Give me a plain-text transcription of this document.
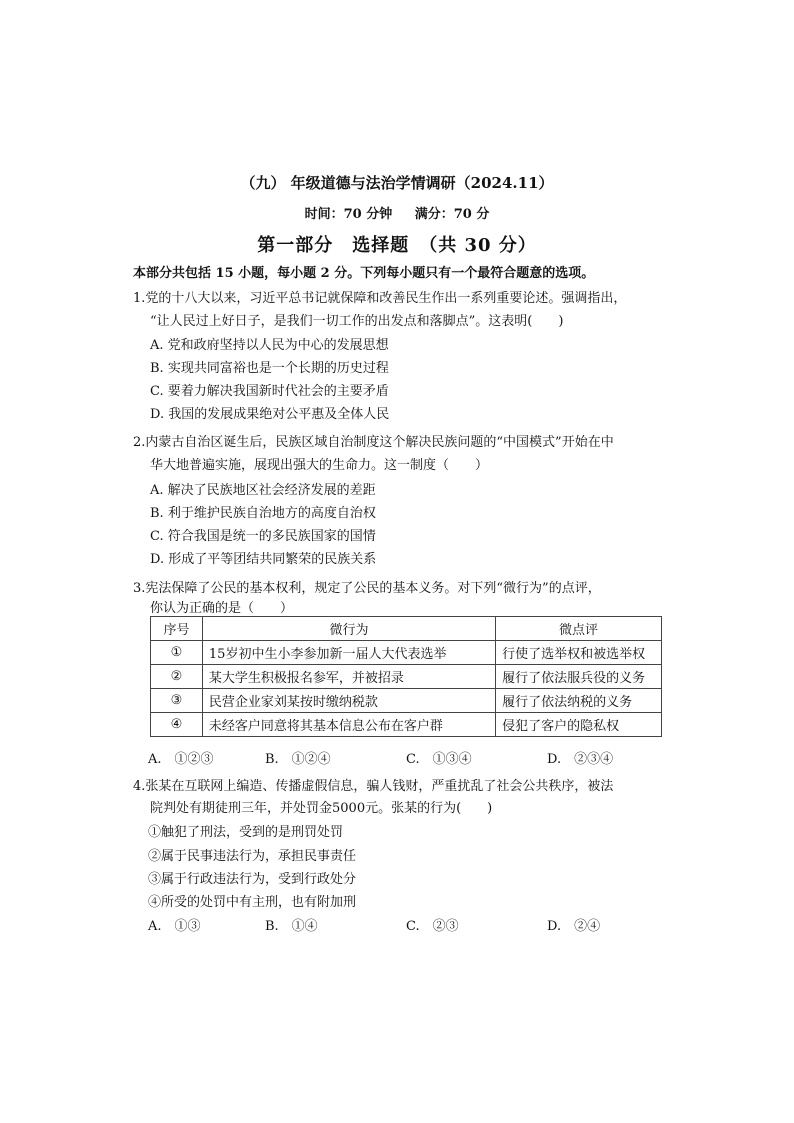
（九） 年级道德与法治学情调研（2024.11）
时间：70 分钟 满分：70 分
第一部分　选择题　（共 30 分）
本部分共包括 15 小题，每小题 2 分。下列每小题只有一个最符合题意的选项。
1.党的十八大以来，习近平总书记就保障和改善民生作出一系列重要论述。强调指出，
“让人民过上好日子，是我们一切工作的出发点和落脚点”。这表明(　　)
A. 党和政府坚持以人民为中心的发展思想
B. 实现共同富裕也是一个长期的历史过程
C. 要着力解决我国新时代社会的主要矛盾
D. 我国的发展成果绝对公平惠及全体人民
2.内蒙古自治区诞生后，民族区域自治制度这个解决民族问题的“中国模式”开始在中
华大地普遍实施，展现出强大的生命力。这一制度（　　）
A. 解决了民族地区社会经济发展的差距
B. 利于维护民族自治地方的高度自治权
C. 符合我国是统一的多民族国家的国情
D. 形成了平等团结共同繁荣的民族关系
3.宪法保障了公民的基本权利，规定了公民的基本义务。对下列“微行为”的点评，
你认为正确的是（　　）
序号	微行为	微点评
①	15岁初中生小李参加新一届人大代表选举	行使了选举权和被选举权
②	某大学生积极报名参军，并被招录	履行了依法服兵役的义务
③	民营企业家刘某按时缴纳税款	履行了依法纳税的义务
④	未经客户同意将其基本信息公布在客户群	侵犯了客户的隐私权
A.　①②③	B.　①②④	C.　①③④	D.　②③④
4.张某在互联网上编造、传播虚假信息，骗人钱财，严重扰乱了社会公共秩序，被法
院判处有期徒刑三年，并处罚金5000元。张某的行为(　　)
①触犯了刑法，受到的是刑罚处罚
②属于民事违法行为，承担民事责任
③属于行政违法行为，受到行政处分
④所受的处罚中有主刑，也有附加刑
A.　①③	B.　①④	C.　②③	D.　②④
